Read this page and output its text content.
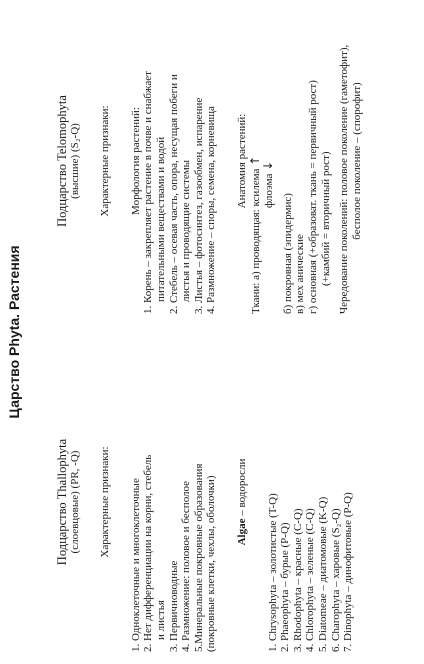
Царство Phyta. Растения
Подцарство Thallophyta (слоевцовые) (PR, -Q) Характерные признаки: 1. Одноклеточные и многоклеточные 2. Нет дифференциации на корни, стебель и листья 3. Первичноводные 4. Размножение: половое и бесполое 5.Минеральные покровные образования (покровные клетки, чехлы, оболочки) Algae – водоросли
1. Chrysophyta – золотистые (T-Q) 2. Phaeophyta – бурые (P-Q) 3. Rhodophyta – красные (C-Q) 4. Chlorophyta – зеленые (C-Q) 5. Diatomeae – диатомовые (K-Q) 6. Charophyta – харовые (S₂-Q) 7. Dinophyta – динофитовые (P-Q)
Подцарство Telomophyta (высшие) (S₂-Q) Характерные признаки: Морфология растений: 1. Корень – закрепляет растение в почве и снабжает питательными веществами и водой 2. Стебель – осевая часть, опора, несущая побеги и листья и проводящие системы 3. Листья – фотосинтез, газообмен, испарение 4. Размножение – споры, семена, корневища Анатомия растений:
Ткани: а) проводящая: ксилема ↑
флоэма ↓
б) покровная (эпидермис) в) мех анические г) основная (+образоват. ткань = первичный рост) (+камбий = вторичный рост) Чередование поколений: половое поколение (гаметофит), бесполое поколение – (спорофит)
